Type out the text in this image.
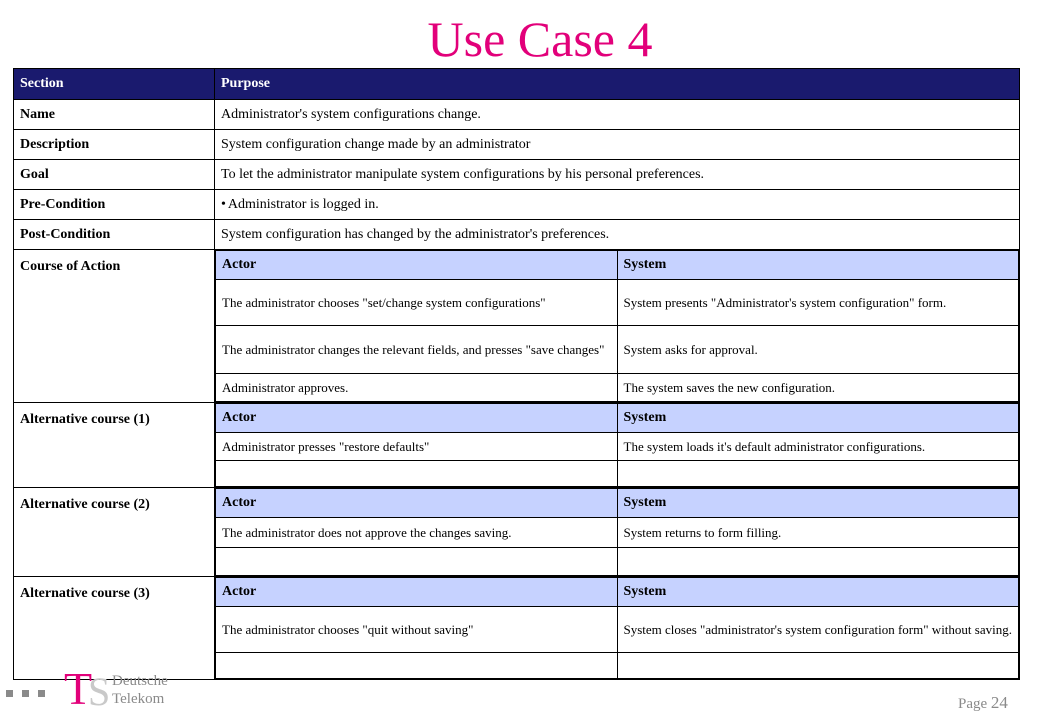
Use Case 4
Section	Purpose
Name	Administrator's system configurations change.
Description	System configuration change made by an administrator
Goal	To let the administrator manipulate system configurations by his personal preferences.
Pre-Condition	• Administrator is logged in.
Post-Condition	System configuration has changed by the administrator's preferences.
Course of Action		Actor	System
The administrator chooses "set/change system configurations"	System presents "Administrator's system configuration" form.
The administrator changes the relevant fields, and presses "save changes"	System asks for approval.
Administrator approves.	The system saves the new configuration.

Alternative course (1)		Actor	System
Administrator presses "restore defaults"	The system loads it's default administrator configurations.

Alternative course (2)		Actor	System
The administrator does not approve the changes saving.	System returns to form filling.

Alternative course (3)		Actor	System
The administrator chooses "quit without saving"	System closes "administrator's system configuration form" without saving.

T
S Deutsche
Telekom	Page 24
